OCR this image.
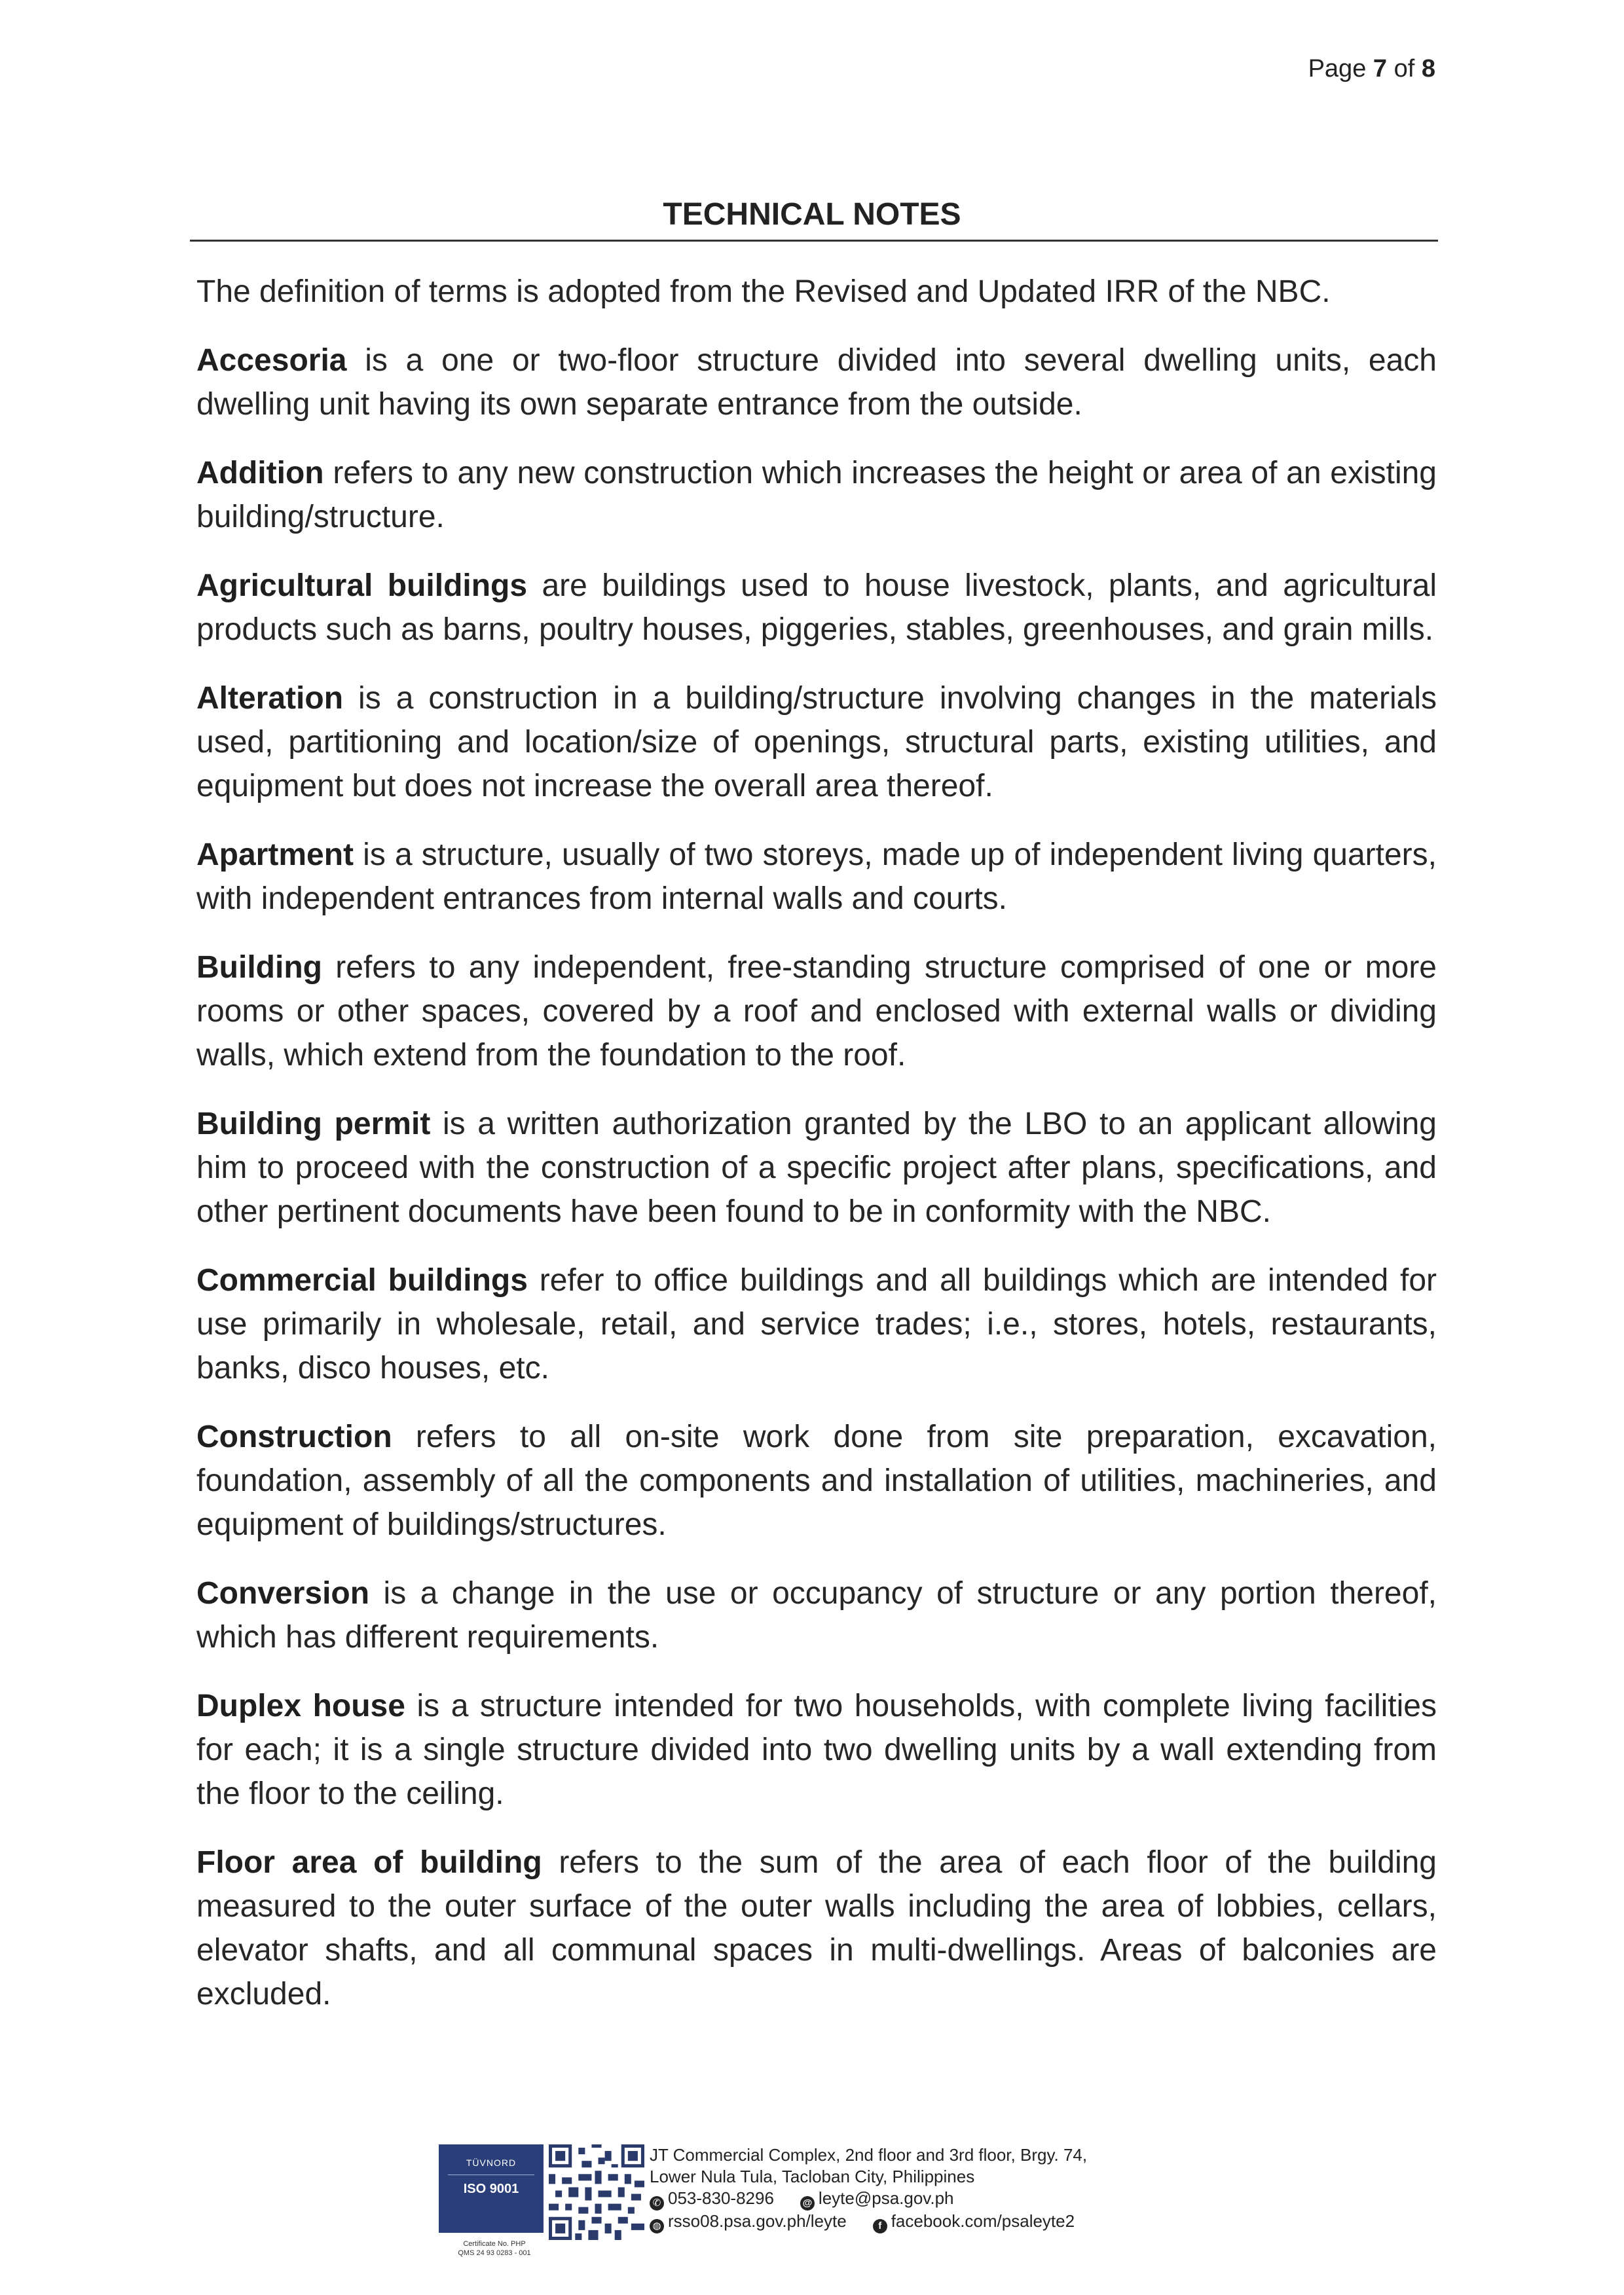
Page 7 of 8
TECHNICAL NOTES

The definition of terms is adopted from the Revised and Updated IRR of the NBC.

Accesoria is a one or two-floor structure divided into several dwelling units, each dwelling unit having its own separate entrance from the outside.

Addition refers to any new construction which increases the height or area of an existing building/structure.

Agricultural buildings are buildings used to house livestock, plants, and agricultural products such as barns, poultry houses, piggeries, stables, greenhouses, and grain mills.

Alteration is a construction in a building/structure involving changes in the materials used, partitioning and location/size of openings, structural parts, existing utilities, and equipment but does not increase the overall area thereof.

Apartment is a structure, usually of two storeys, made up of independent living quarters, with independent entrances from internal walls and courts.

Building refers to any independent, free-standing structure comprised of one or more rooms or other spaces, covered by a roof and enclosed with external walls or dividing walls, which extend from the foundation to the roof.

Building permit is a written authorization granted by the LBO to an applicant allowing him to proceed with the construction of a specific project after plans, specifications, and other pertinent documents have been found to be in conformity with the NBC.

Commercial buildings refer to office buildings and all buildings which are intended for use primarily in wholesale, retail, and service trades; i.e., stores, hotels, restaurants, banks, disco houses, etc.

Construction refers to all on-site work done from site preparation, excavation, foundation, assembly of all the components and installation of utilities, machineries, and equipment of buildings/structures.

Conversion is a change in the use or occupancy of structure or any portion thereof, which has different requirements.

Duplex house is a structure intended for two households, with complete living facilities for each; it is a single structure divided into two dwelling units by a wall extending from the floor to the ceiling.

Floor area of building refers to the sum of the area of each floor of the building measured to the outer surface of the outer walls including the area of lobbies, cellars, elevator shafts, and all communal spaces in multi-dwellings. Areas of balconies are excluded.

TÜVNORD
ISO 9001
Certificate No. PHP
QMS 24 93 0283 - 001
JT Commercial Complex, 2nd floor and 3rd floor, Brgy. 74,
Lower Nula Tula, Tacloban City, Philippines
✆ 053-830-8296	@ leyte@psa.gov.ph
◍ rsso08.psa.gov.ph/leyte	f facebook.com/psaleyte2
